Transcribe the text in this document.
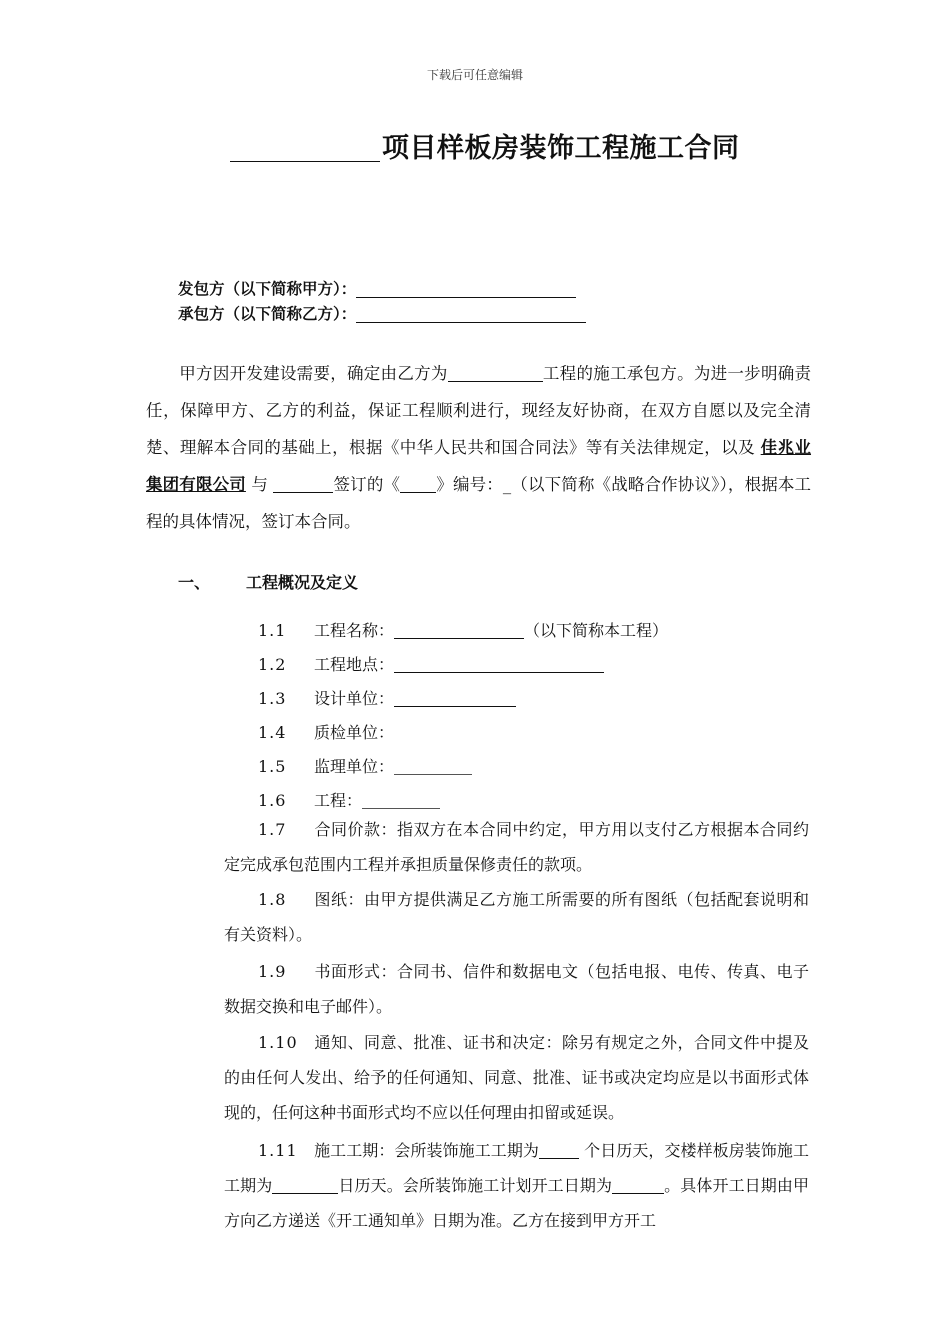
下载后可任意编辑
项目样板房装饰工程施工合同
发包方（以下简称甲方）：
承包方（以下简称乙方）：
甲方因开发建设需要，确定由乙方为	工程的施工承包方。为进一步明确责任，保障甲方、乙方的利益，保证工程顺利进行，现经友好协商，在双方自愿以及完全清楚、理解本合同的基础上，根据《中华人民共和国合同法》等有关法律规定，以及 佳兆业集团有限公司 与	签订的《 》编号：_（以下简称《战略合作协议》），根据本工程的具体情况，签订本合同。
一、 工程概况及定义
1.1 工程名称：	（以下简称本工程）
1.2 工程地点：
1.3 设计单位：
1.4 质检单位：
1.5 监理单位：
1.6 工程：
1.7 合同价款：指双方在本合同中约定，甲方用以支付乙方根据本合同约定完成承包范围内工程并承担质量保修责任的款项。
1.8 图纸：由甲方提供满足乙方施工所需要的所有图纸（包括配套说明和有关资料）。
1.9 书面形式：合同书、信件和数据电文（包括电报、电传、传真、电子数据交换和电子邮件）。
1.10 通知、同意、批准、证书和决定：除另有规定之外，合同文件中提及的由任何人发出、给予的任何通知、同意、批准、证书或决定均应是以书面形式体现的，任何这种书面形式均不应以任何理由扣留或延误。
1.11 施工工期：会所装饰施工工期为	个日历天，交楼样板房装饰施工工期为	日历天。会所装饰施工计划开工日期为	。具体开工日期由甲方向乙方递送《开工通知单》日期为准。乙方在接到甲方开工
